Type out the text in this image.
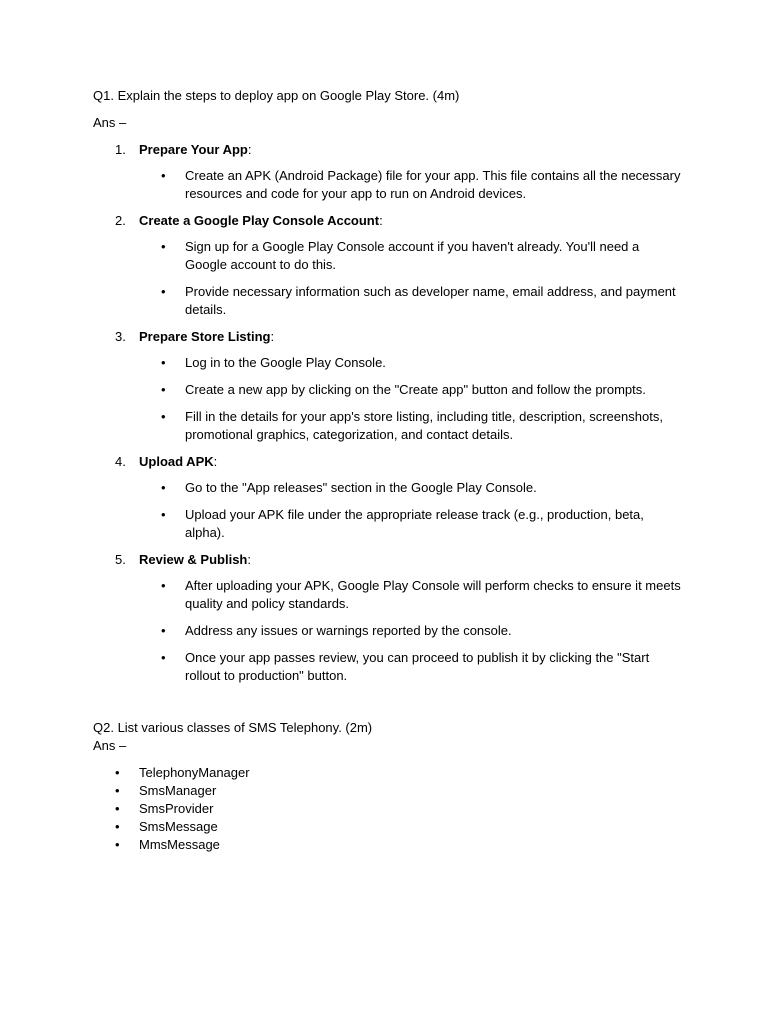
Q1. Explain the steps to deploy app on Google Play Store. (4m)

Ans –

1. Prepare Your App:
• Create an APK (Android Package) file for your app. This file contains all the necessary resources and code for your app to run on Android devices.
2. Create a Google Play Console Account:
• Sign up for a Google Play Console account if you haven't already. You'll need a Google account to do this.
• Provide necessary information such as developer name, email address, and payment details.
3. Prepare Store Listing:
• Log in to the Google Play Console.
• Create a new app by clicking on the "Create app" button and follow the prompts.
• Fill in the details for your app's store listing, including title, description, screenshots, promotional graphics, categorization, and contact details.
4. Upload APK:
• Go to the "App releases" section in the Google Play Console.
• Upload your APK file under the appropriate release track (e.g., production, beta, alpha).
5. Review & Publish:
• After uploading your APK, Google Play Console will perform checks to ensure it meets quality and policy standards.
• Address any issues or warnings reported by the console.
• Once your app passes review, you can proceed to publish it by clicking the "Start rollout to production" button.

Q2. List various classes of SMS Telephony. (2m)

Ans –

• TelephonyManager
• SmsManager
• SmsProvider
• SmsMessage
• MmsMessage
